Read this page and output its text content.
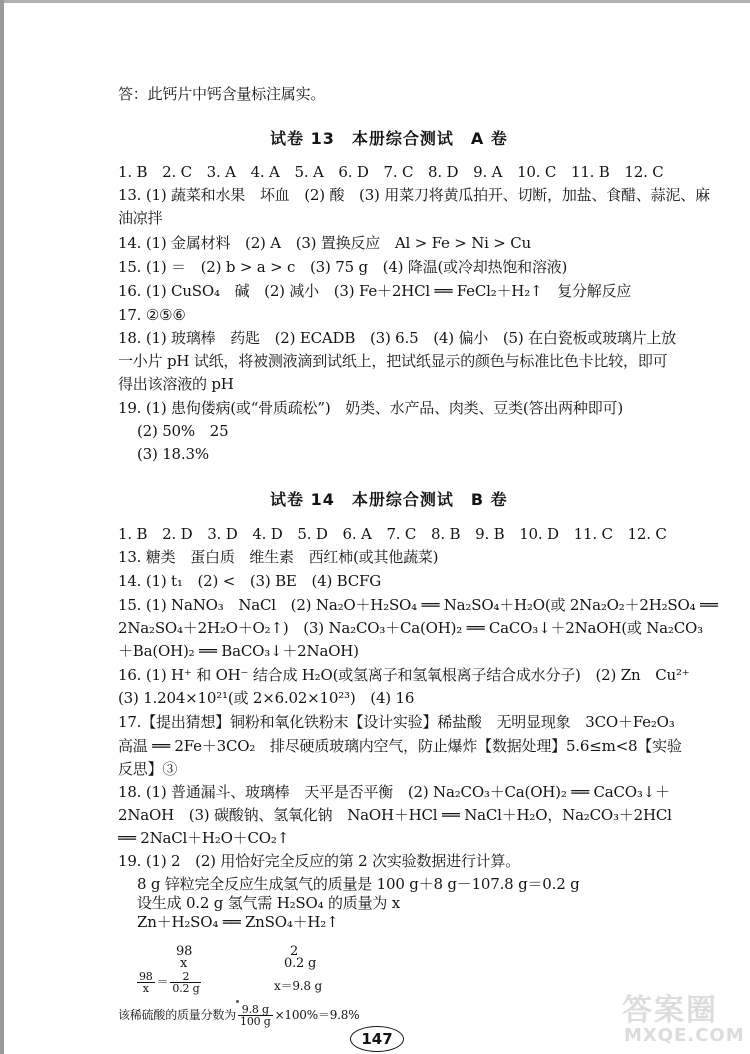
答：此钙片中钙含量标注属实。
试卷 13　本册综合测试　A 卷
1. B　2. C　3. A　4. A　5. A　6. D　7. C　8. D　9. A　10. C　11. B　12. C
13. (1) 蔬菜和水果　坏血　(2) 酸　(3) 用菜刀将黄瓜拍开、切断，加盐、食醋、蒜泥、麻
油凉拌
14. (1) 金属材料　(2) A　(3) 置换反应　Al > Fe > Ni > Cu
15. (1) ＝　(2) b > a > c　(3) 75 g　(4) 降温(或冷却热饱和溶液)
16. (1) CuSO₄　碱　(2) 减小　(3) Fe＋2HCl ══ FeCl₂＋H₂↑　复分解反应
17. ②⑤⑥
18. (1) 玻璃棒　药匙　(2) ECADB　(3) 6.5　(4) 偏小　(5) 在白瓷板或玻璃片上放
一小片 pH 试纸，将被测液滴到试纸上，把试纸显示的颜色与标准比色卡比较，即可
得出该溶液的 pH
19. (1) 患佝偻病(或“骨质疏松”)　奶类、水产品、肉类、豆类(答出两种即可)
(2) 50%　25
(3) 18.3%
试卷 14　本册综合测试　B 卷
1. B　2. D　3. D　4. D　5. D　6. A　7. C　8. B　9. B　10. D　11. C　12. C
13. 糖类　蛋白质　维生素　西红柿(或其他蔬菜)
14. (1) t₁　(2) <　(3) BE　(4) BCFG
15. (1) NaNO₃　NaCl　(2) Na₂O＋H₂SO₄ ══ Na₂SO₄＋H₂O(或 2Na₂O₂＋2H₂SO₄ ══
2Na₂SO₄＋2H₂O＋O₂↑)　(3) Na₂CO₃＋Ca(OH)₂ ══ CaCO₃↓＋2NaOH(或 Na₂CO₃
＋Ba(OH)₂ ══ BaCO₃↓＋2NaOH)
16. (1) H⁺ 和 OH⁻ 结合成 H₂O(或氢离子和氢氧根离子结合成水分子)　(2) Zn　Cu²⁺
(3) 1.204×10²¹(或 2×6.02×10²³)　(4) 16
17.【提出猜想】铜粉和氧化铁粉末【设计实验】稀盐酸　无明显现象　3CO＋Fe₂O₃
高温 ══ 2Fe＋3CO₂　排尽硬质玻璃内空气，防止爆炸【数据处理】5.6≤m<8【实验
反思】③
18. (1) 普通漏斗、玻璃棒　天平是否平衡　(2) Na₂CO₃＋Ca(OH)₂ ══ CaCO₃↓＋
2NaOH　(3) 碳酸钠、氢氧化钠　NaOH＋HCl ══ NaCl＋H₂O，Na₂CO₃＋2HCl
══ 2NaCl＋H₂O＋CO₂↑
19. (1) 2　(2) 用恰好完全反应的第 2 次实验数据进行计算。
8 g 锌粒完全反应生成氢气的质量是 100 g＋8 g－107.8 g＝0.2 g
设生成 0.2 g 氢气需 H₂SO₄ 的质量为 x
Zn＋H₂SO₄ ══ ZnSO₄＋H₂↑
147
答案圈
MXQE.COM
98	2
x	0.2 g
$\frac{98}{x} = \frac{2}{0.2 g}$	x＝9.8 g
该稀硫酸的质量分数为 $\frac{9.8 g}{100 g} \times 100\%=9.8\%$
